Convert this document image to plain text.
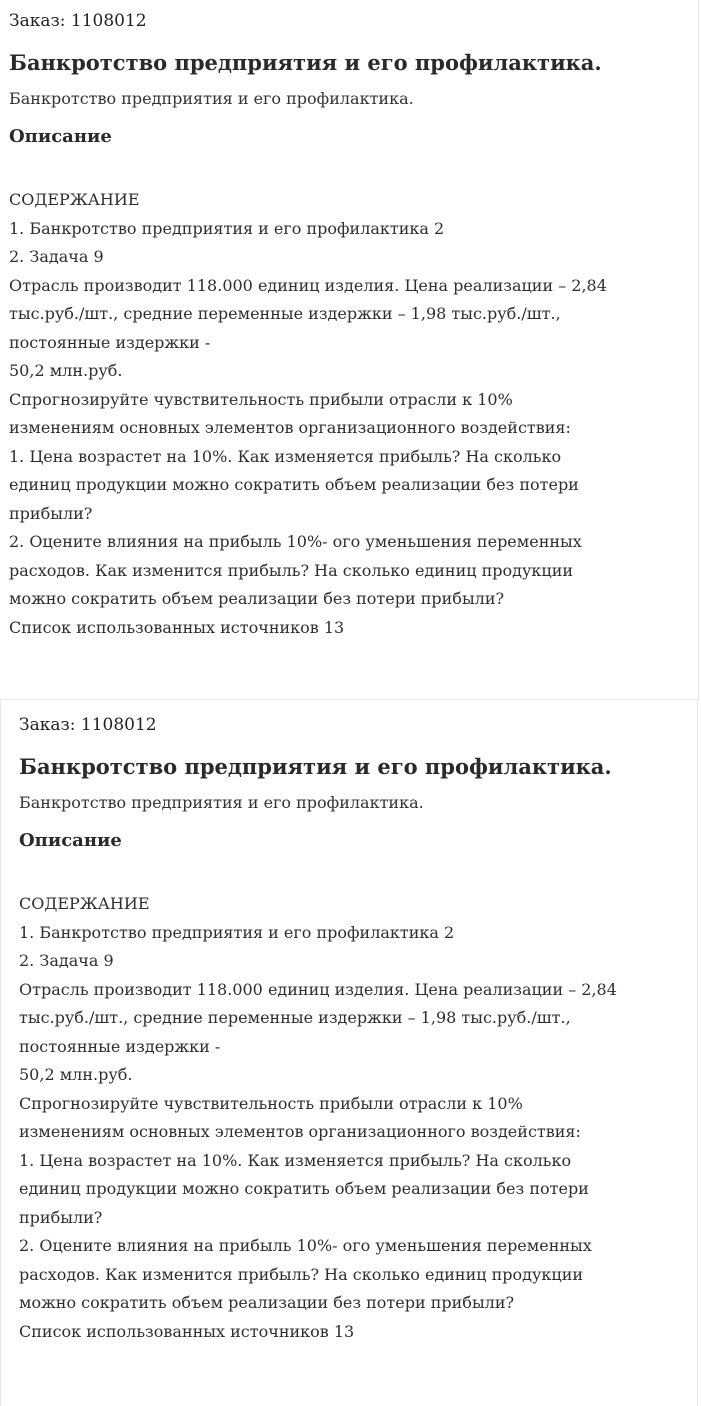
Заказ: 1108012
Банкротство предприятия и его профилактика.
Банкротство предприятия и его профилактика.
Описание
СОДЕРЖАНИЕ
1. Банкротство предприятия и его профилактика 2
2. Задача 9
Отрасль производит 118.000 единиц изделия. Цена реализации – 2,84
тыс.руб./шт., средние переменные издержки – 1,98 тыс.руб./шт.,
постоянные издержки -
50,2 млн.руб.
Спрогнозируйте чувствительность прибыли отрасли к 10%
изменениям основных элементов организационного воздействия:
1. Цена возрастет на 10%. Как изменяется прибыль? На сколько
единиц продукции можно сократить объем реализации без потери
прибыли?
2. Оцените влияния на прибыль 10%- ого уменьшения переменных
расходов. Как изменится прибыль? На сколько единиц продукции
можно сократить объем реализации без потери прибыли?
Список использованных источников 13
Заказ: 1108012
Банкротство предприятия и его профилактика.
Банкротство предприятия и его профилактика.
Описание
СОДЕРЖАНИЕ
1. Банкротство предприятия и его профилактика 2
2. Задача 9
Отрасль производит 118.000 единиц изделия. Цена реализации – 2,84
тыс.руб./шт., средние переменные издержки – 1,98 тыс.руб./шт.,
постоянные издержки -
50,2 млн.руб.
Спрогнозируйте чувствительность прибыли отрасли к 10%
изменениям основных элементов организационного воздействия:
1. Цена возрастет на 10%. Как изменяется прибыль? На сколько
единиц продукции можно сократить объем реализации без потери
прибыли?
2. Оцените влияния на прибыль 10%- ого уменьшения переменных
расходов. Как изменится прибыль? На сколько единиц продукции
можно сократить объем реализации без потери прибыли?
Список использованных источников 13
